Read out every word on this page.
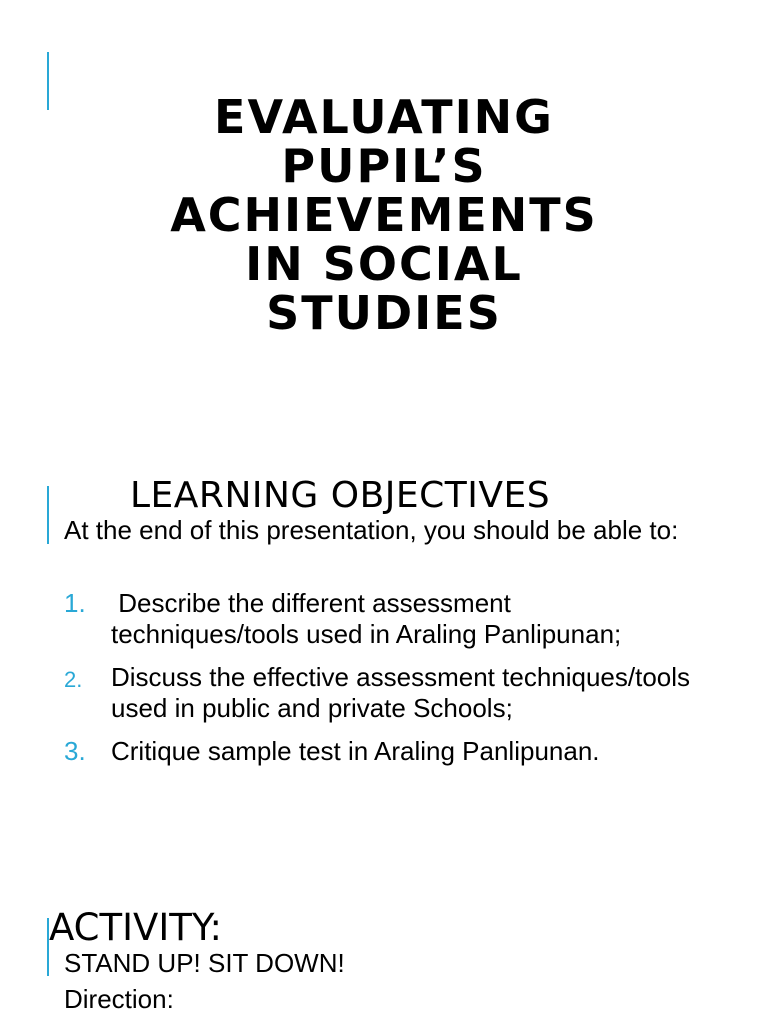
EVALUATING
PUPIL’S
ACHIEVEMENTS
IN SOCIAL
STUDIES
LEARNING OBJECTIVES

At the end of this presentation, you should be able to:

1. Describe the different assessment techniques/tools used in Araling Panlipunan;
2. Discuss the effective assessment techniques/tools used in public and private Schools;
3. Critique sample test in Araling Panlipunan.
ACTIVITY:

STAND UP! SIT DOWN!

Direction:
